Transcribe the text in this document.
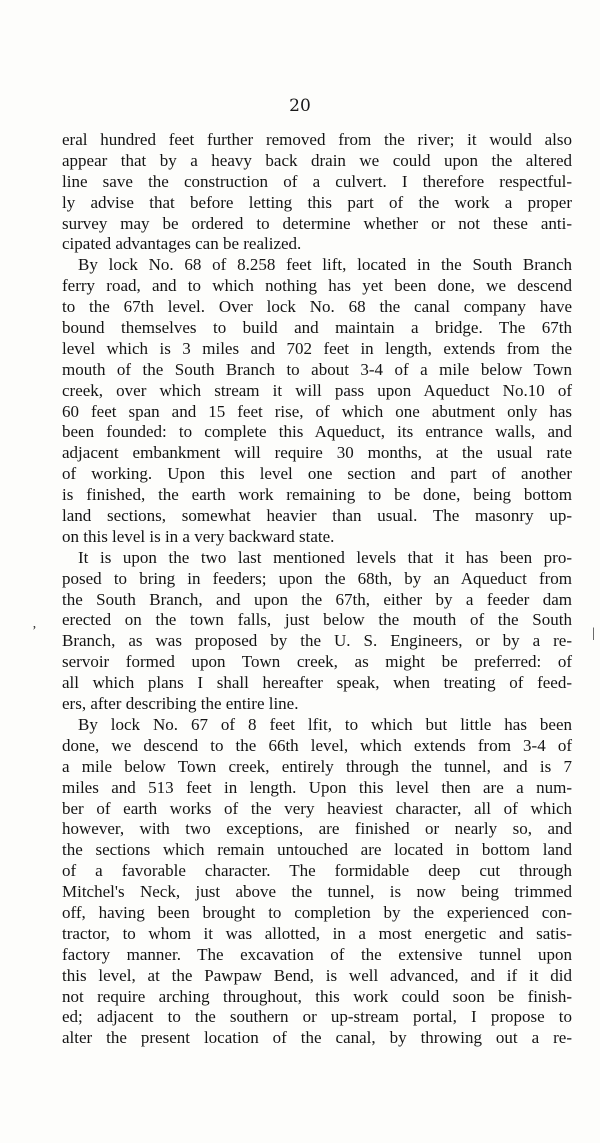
20
eral hundred feet further removed from the river; it would also
appear that by a heavy back drain we could upon the altered
line save the construction of a culvert. I therefore respectful-
ly advise that before letting this part of the work a proper
survey may be ordered to determine whether or not these anti-
cipated advantages can be realized.
By lock No. 68 of 8.258 feet lift, located in the South Branch
ferry road, and to which nothing has yet been done, we descend
to the 67th level. Over lock No. 68 the canal company have
bound themselves to build and maintain a bridge. The 67th
level which is 3 miles and 702 feet in length, extends from the
mouth of the South Branch to about 3-4 of a mile below Town
creek, over which stream it will pass upon Aqueduct No.10 of
60 feet span and 15 feet rise, of which one abutment only has
been founded: to complete this Aqueduct, its entrance walls, and
adjacent embankment will require 30 months, at the usual rate
of working. Upon this level one section and part of another
is finished, the earth work remaining to be done, being bottom
land sections, somewhat heavier than usual. The masonry up-
on this level is in a very backward state.
It is upon the two last mentioned levels that it has been pro-
posed to bring in feeders; upon the 68th, by an Aqueduct from
the South Branch, and upon the 67th, either by a feeder dam
erected on the town falls, just below the mouth of the South
Branch, as was proposed by the U. S. Engineers, or by a re-
servoir formed upon Town creek, as might be preferred: of
all which plans I shall hereafter speak, when treating of feed-
ers, after describing the entire line.
By lock No. 67 of 8 feet lfit, to which but little has been
done, we descend to the 66th level, which extends from 3-4 of
a mile below Town creek, entirely through the tunnel, and is 7
miles and 513 feet in length. Upon this level then are a num-
ber of earth works of the very heaviest character, all of which
however, with two exceptions, are finished or nearly so, and
the sections which remain untouched are located in bottom land
of a favorable character. The formidable deep cut through
Mitchel's Neck, just above the tunnel, is now being trimmed
off, having been brought to completion by the experienced con-
tractor, to whom it was allotted, in a most energetic and satis-
factory manner. The excavation of the extensive tunnel upon
this level, at the Pawpaw Bend, is well advanced, and if it did
not require arching throughout, this work could soon be finish-
ed; adjacent to the southern or up-stream portal, I propose to
alter the present location of the canal, by throwing out a re-
’	|
